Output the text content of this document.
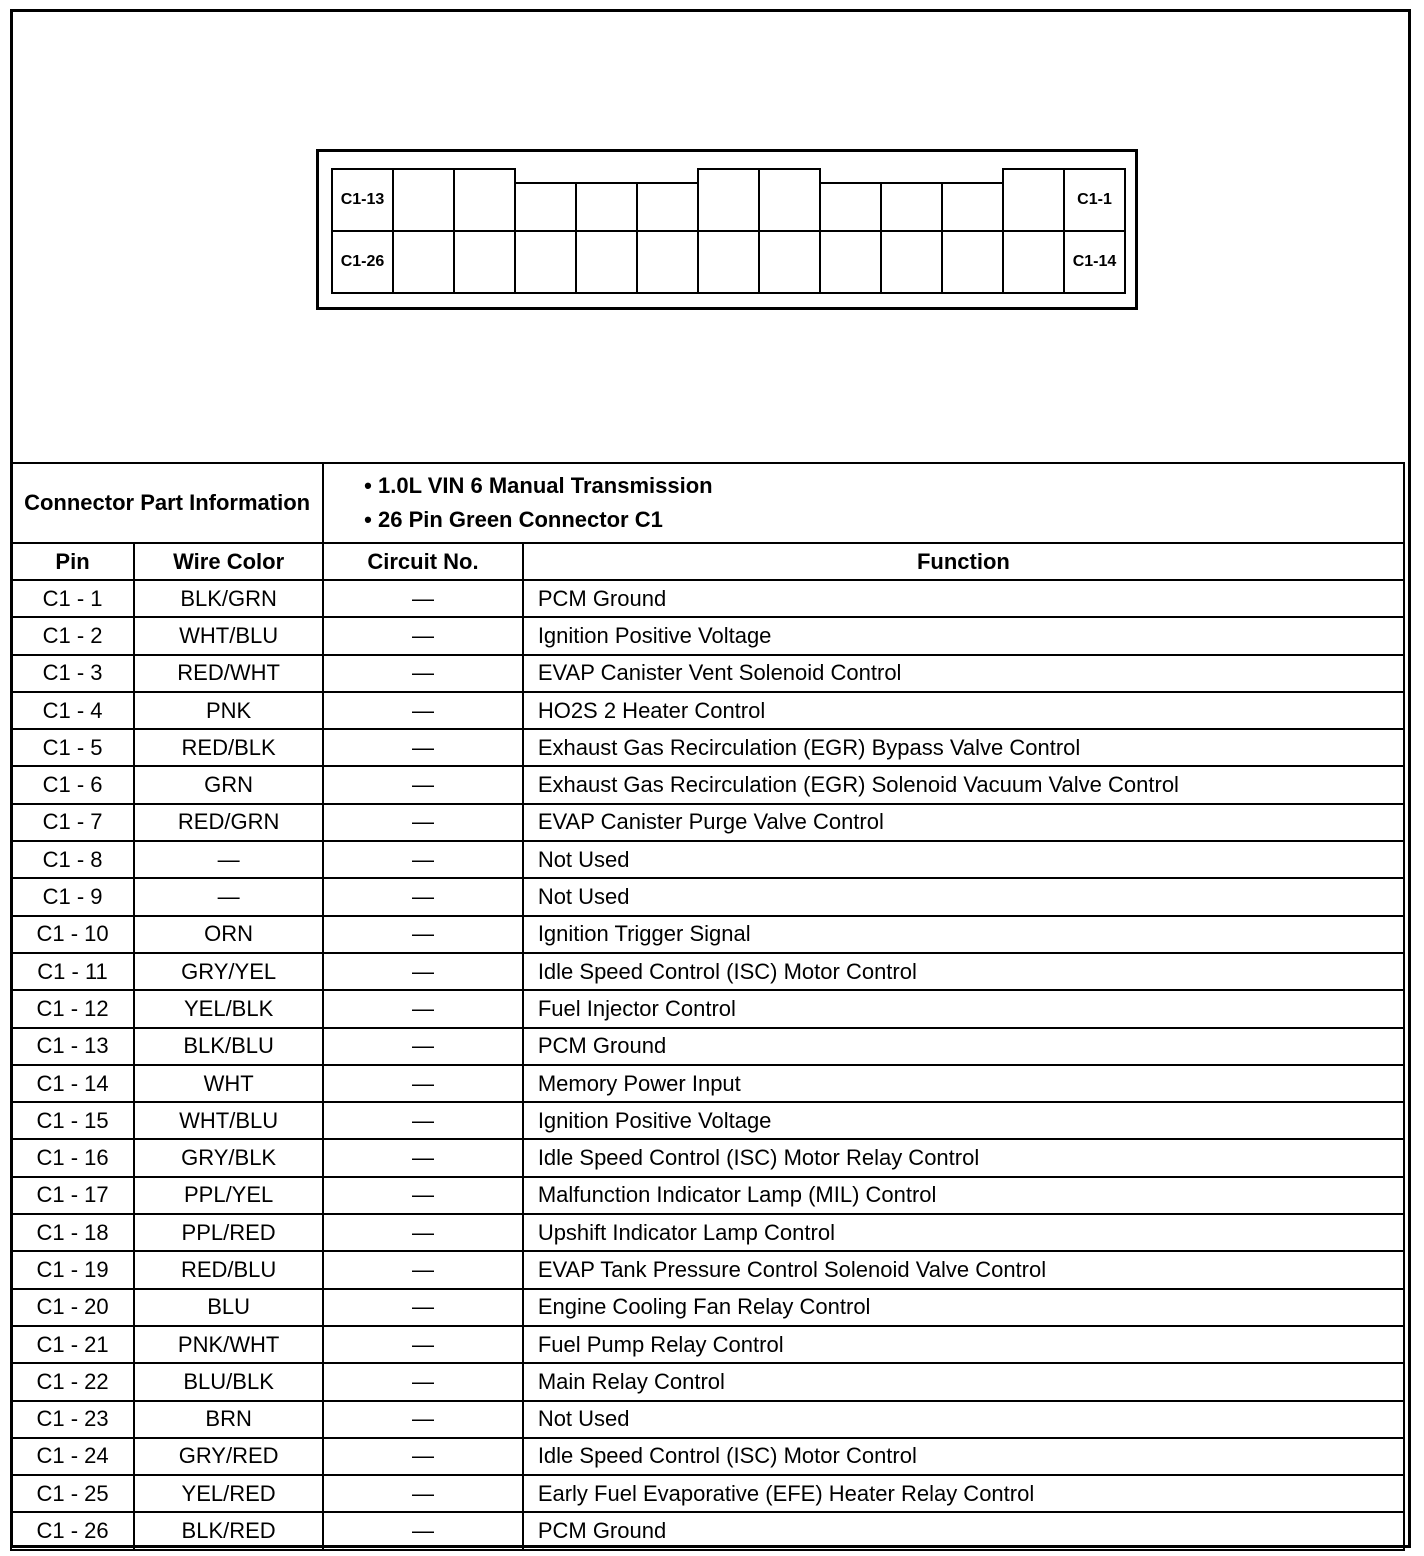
C1-13
C1-26
C1-1
C1-14
Connector Part Information		• 1.0L VIN 6 Manual Transmission
• 26 Pin Green Connector C1	

Pin	Wire Color	Circuit No.	Function
C1 - 1	BLK/GRN	—	PCM Ground
C1 - 2	WHT/BLU	—	Ignition Positive Voltage
C1 - 3	RED/WHT	—	EVAP Canister Vent Solenoid Control
C1 - 4	PNK	—	HO2S 2 Heater Control
C1 - 5	RED/BLK	—	Exhaust Gas Recirculation (EGR) Bypass Valve Control
C1 - 6	GRN	—	Exhaust Gas Recirculation (EGR) Solenoid Vacuum Valve Control
C1 - 7	RED/GRN	—	EVAP Canister Purge Valve Control
C1 - 8	—	—	Not Used
C1 - 9	—	—	Not Used
C1 - 10	ORN	—	Ignition Trigger Signal
C1 - 11	GRY/YEL	—	Idle Speed Control (ISC) Motor Control
C1 - 12	YEL/BLK	—	Fuel Injector Control
C1 - 13	BLK/BLU	—	PCM Ground
C1 - 14	WHT	—	Memory Power Input
C1 - 15	WHT/BLU	—	Ignition Positive Voltage
C1 - 16	GRY/BLK	—	Idle Speed Control (ISC) Motor Relay Control
C1 - 17	PPL/YEL	—	Malfunction Indicator Lamp (MIL) Control
C1 - 18	PPL/RED	—	Upshift Indicator Lamp Control
C1 - 19	RED/BLU	—	EVAP Tank Pressure Control Solenoid Valve Control
C1 - 20	BLU	—	Engine Cooling Fan Relay Control
C1 - 21	PNK/WHT	—	Fuel Pump Relay Control
C1 - 22	BLU/BLK	—	Main Relay Control
C1 - 23	BRN	—	Not Used
C1 - 24	GRY/RED	—	Idle Speed Control (ISC) Motor Control
C1 - 25	YEL/RED	—	Early Fuel Evaporative (EFE) Heater Relay Control
C1 - 26	BLK/RED	—	PCM Ground
